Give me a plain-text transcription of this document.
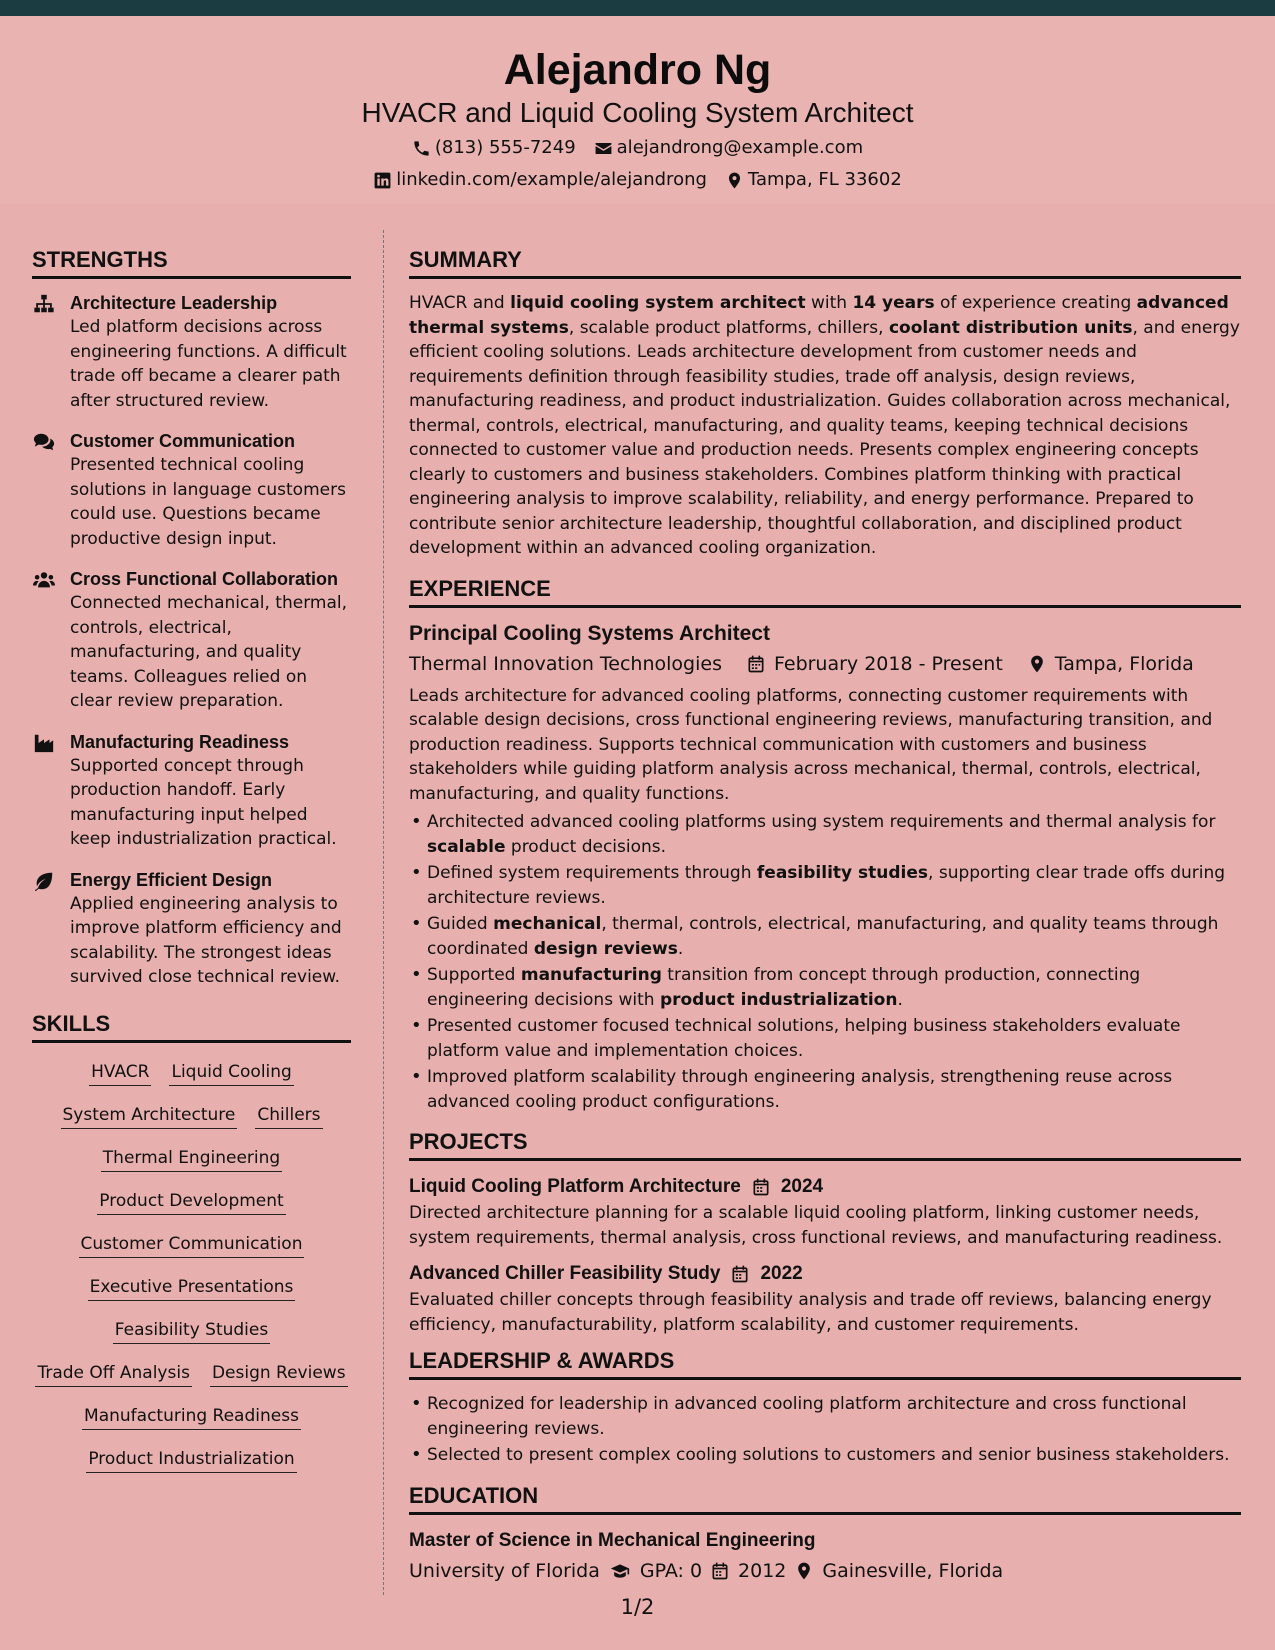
Alejandro Ng
HVACR and Liquid Cooling System Architect
(813) 555-7249 alejandrong@example.com
linkedin.com/example/alejandrong Tampa, FL 33602
STRENGTHS
Architecture Leadership
Led platform decisions across engineering functions. A difficult trade off became a clearer path after structured review.
Customer Communication
Presented technical cooling solutions in language customers could use. Questions became productive design input.
Cross Functional Collaboration
Connected mechanical, thermal, controls, electrical, manufacturing, and quality teams. Colleagues relied on clear review preparation.
Manufacturing Readiness
Supported concept through production handoff. Early manufacturing input helped keep industrialization practical.
Energy Efficient Design
Applied engineering analysis to improve platform efficiency and scalability. The strongest ideas survived close technical review.
SKILLS
HVACR Liquid Cooling
System Architecture Chillers
Thermal Engineering
Product Development
Customer Communication
Executive Presentations
Feasibility Studies
Trade Off Analysis Design Reviews
Manufacturing Readiness
Product Industrialization
SUMMARY
HVACR and liquid cooling system architect with 14 years of experience creating advanced thermal systems, scalable product platforms, chillers, coolant distribution units, and energy efficient cooling solutions. Leads architecture development from customer needs and requirements definition through feasibility studies, trade off analysis, design reviews, manufacturing readiness, and product industrialization. Guides collaboration across mechanical, thermal, controls, electrical, manufacturing, and quality teams, keeping technical decisions connected to customer value and production needs. Presents complex engineering concepts clearly to customers and business stakeholders. Combines platform thinking with practical engineering analysis to improve scalability, reliability, and energy performance. Prepared to contribute senior architecture leadership, thoughtful collaboration, and disciplined product development within an advanced cooling organization.
EXPERIENCE
Principal Cooling Systems Architect
Thermal Innovation Technologies	February 2018 - Present	Tampa, Florida
Leads architecture for advanced cooling platforms, connecting customer requirements with scalable design decisions, cross functional engineering reviews, manufacturing transition, and production readiness. Supports technical communication with customers and business stakeholders while guiding platform analysis across mechanical, thermal, controls, electrical, manufacturing, and quality functions.
• Architected advanced cooling platforms using system requirements and thermal analysis for scalable product decisions.
• Defined system requirements through feasibility studies, supporting clear trade offs during architecture reviews.
• Guided mechanical, thermal, controls, electrical, manufacturing, and quality teams through coordinated design reviews.
• Supported manufacturing transition from concept through production, connecting engineering decisions with product industrialization.
• Presented customer focused technical solutions, helping business stakeholders evaluate platform value and implementation choices.
• Improved platform scalability through engineering analysis, strengthening reuse across advanced cooling product configurations.
PROJECTS
Liquid Cooling Platform Architecture 2024
Directed architecture planning for a scalable liquid cooling platform, linking customer needs, system requirements, thermal analysis, cross functional reviews, and manufacturing readiness.
Advanced Chiller Feasibility Study 2022
Evaluated chiller concepts through feasibility analysis and trade off reviews, balancing energy efficiency, manufacturability, platform scalability, and customer requirements.
LEADERSHIP & AWARDS
• Recognized for leadership in advanced cooling platform architecture and cross functional engineering reviews.
• Selected to present complex cooling solutions to customers and senior business stakeholders.
EDUCATION
Master of Science in Mechanical Engineering
University of Florida GPA: 0 2012 Gainesville, Florida
1/2
